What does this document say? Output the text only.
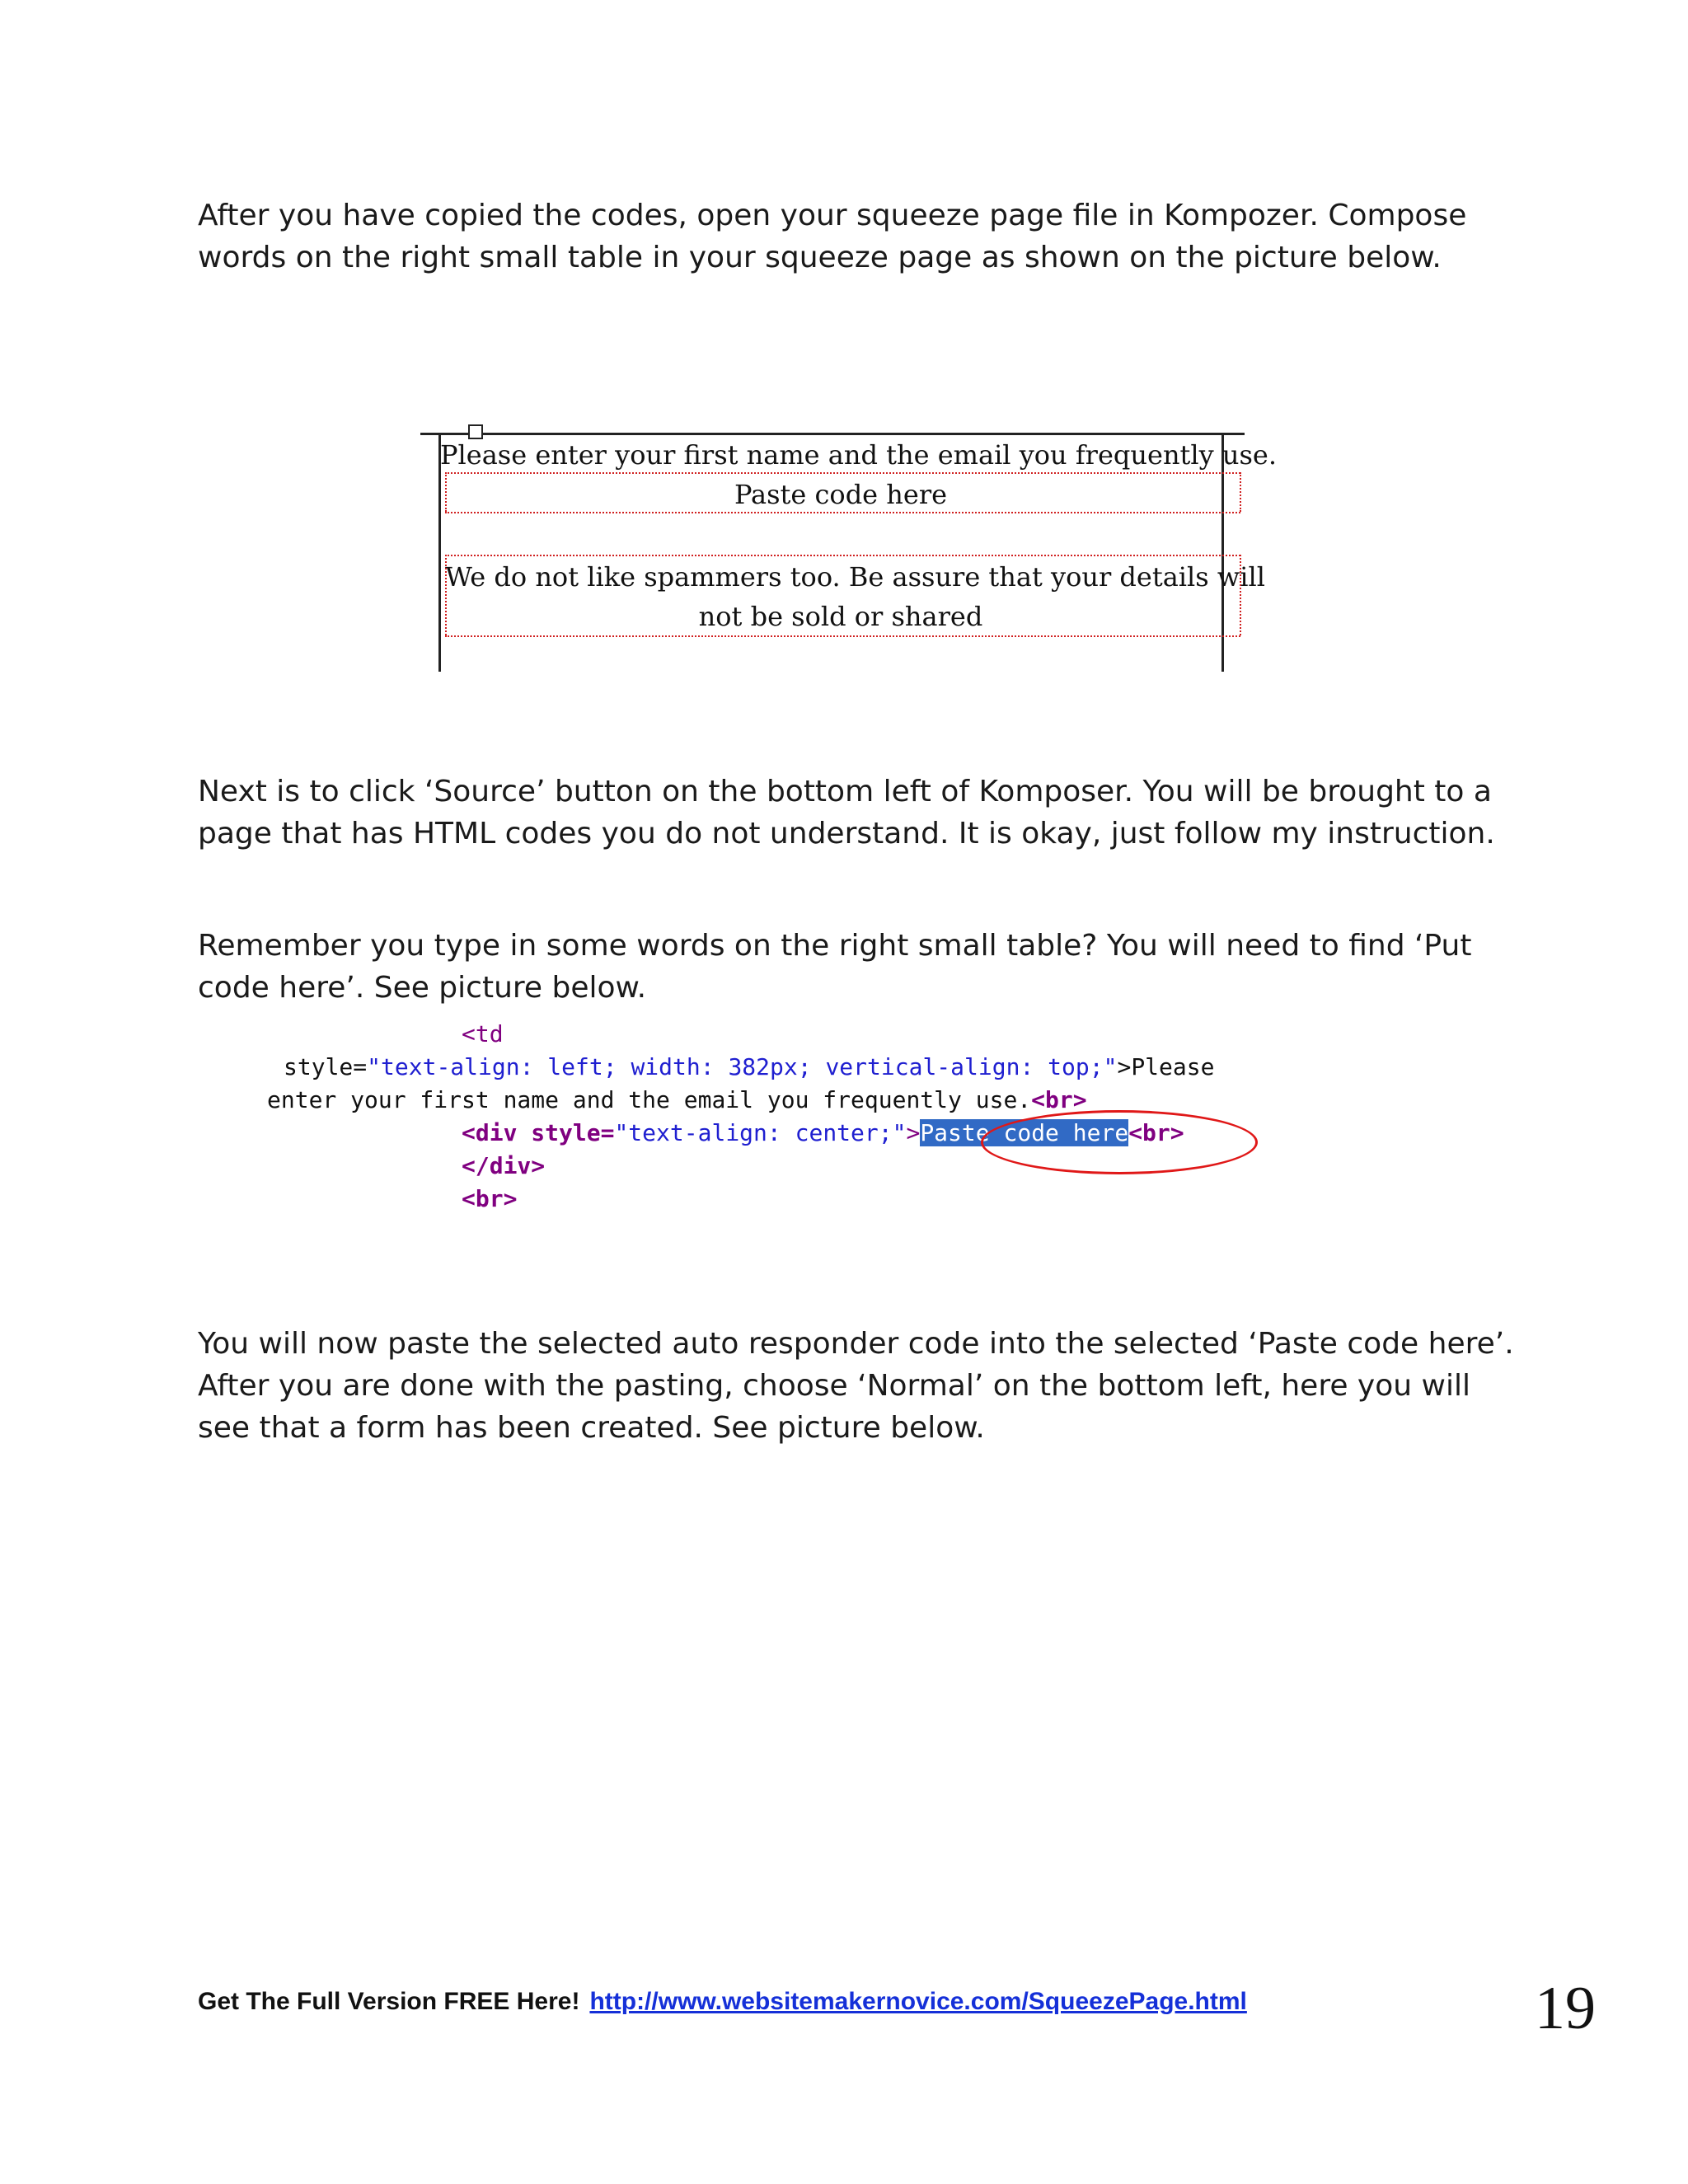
After you have copied the codes, open your squeeze page file in Kompozer. Compose words on the right small table in your squeeze page as shown on the picture below.

Please enter your first name and the email you frequently use.
Paste code here
We do not like spammers too. Be assure that your details will
not be sold or shared

Next is to click ‘Source’ button on the bottom left of Komposer. You will be brought to a page that has HTML codes you do not understand. It is okay, just follow my instruction.

Remember you type in some words on the right small table? You will need to find ‘Put code here’. See picture below.

<td
style="text-align: left; width: 382px; vertical-align: top;">Please
enter your first name and the email you frequently use.<br>
<div style="text-align: center;">Paste code here<br>
</div>
<br>

You will now paste the selected auto responder code into the selected ‘Paste code here’. After you are done with the pasting, choose ‘Normal’ on the bottom left, here you will see that a form has been created. See picture below.

Get The Full Version FREE Here! http://www.websitemakernovice.com/SqueezePage.html	19
